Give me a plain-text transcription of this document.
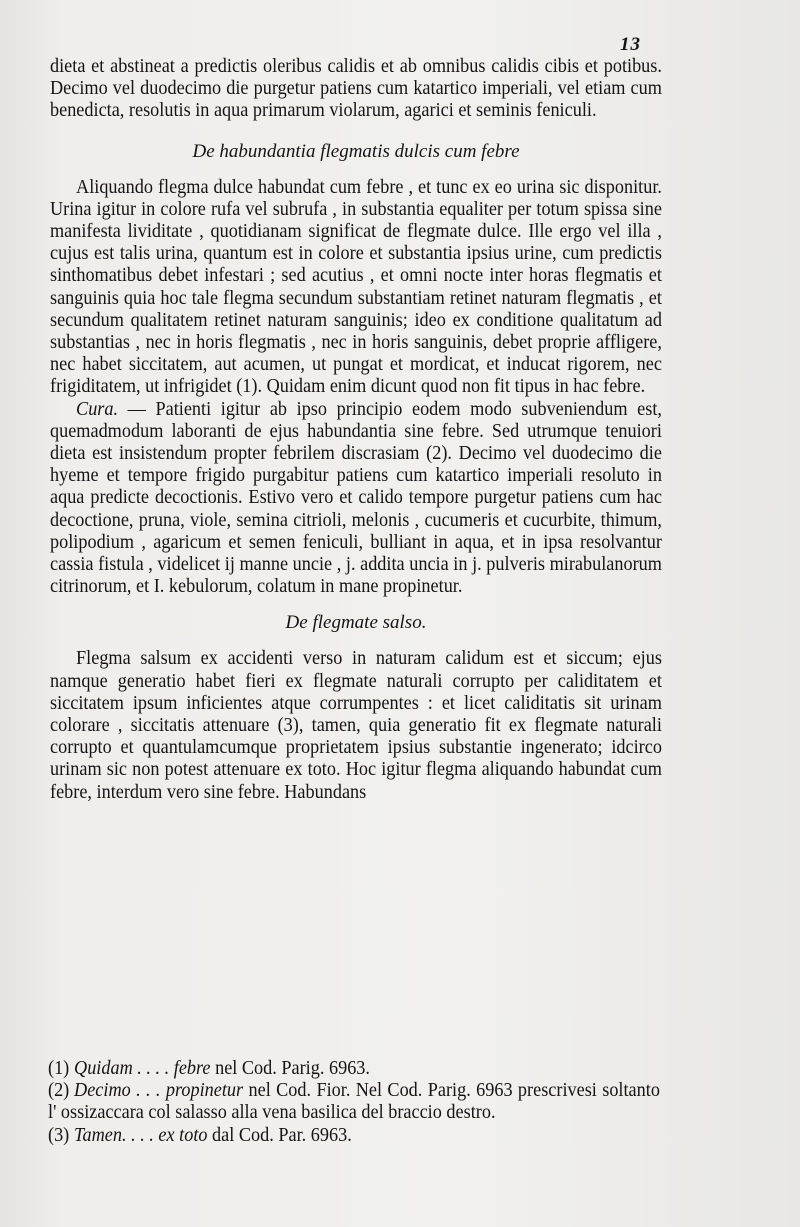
13

dieta et abstineat a predictis oleribus calidis et ab omnibus calidis cibis et potibus. Decimo vel duodecimo die purgetur patiens cum katartico imperiali, vel etiam cum benedicta, resolutis in aqua primarum violarum, agarici et seminis feniculi.

De habundantia flegmatis dulcis cum febre

Aliquando flegma dulce habundat cum febre , et tunc ex eo urina sic disponitur. Urina igitur in colore rufa vel subrufa , in substantia equaliter per totum spissa sine manifesta lividitate , quotidianam significat de flegmate dulce. Ille ergo vel illa , cujus est talis urina, quantum est in colore et substantia ipsius urine, cum predictis sinthomatibus debet infestari ; sed acutius , et omni nocte inter horas flegmatis et sanguinis quia hoc tale flegma secundum substantiam retinet naturam flegmatis , et secundum qualitatem retinet naturam sanguinis; ideo ex conditione qualitatum ad substantias , nec in horis flegmatis , nec in horis sanguinis, debet proprie affligere, nec habet siccitatem, aut acumen, ut pungat et mordicat, et inducat rigorem, nec frigiditatem, ut infrigidet (1). Quidam enim dicunt quod non fit tipus in hac febre.

Cura. — Patienti igitur ab ipso principio eodem modo subveniendum est, quemadmodum laboranti de ejus habundantia sine febre. Sed utrumque tenuiori dieta est insistendum propter febrilem discrasiam (2). Decimo vel duodecimo die hyeme et tempore frigido purgabitur patiens cum katartico imperiali resoluto in aqua predicte decoctionis. Estivo vero et calido tempore purgetur patiens cum hac decoctione, pruna, viole, semina citrioli, melonis , cucumeris et cucurbite, thimum, polipodium , agaricum et semen feniculi, bulliant in aqua, et in ipsa resolvantur cassia fistula , videlicet ij manne uncie , j. addita uncia in j. pulveris mirabulanorum citrinorum, et I. kebulorum, colatum in mane propinetur.

De flegmate salso.

Flegma salsum ex accidenti verso in naturam calidum est et siccum; ejus namque generatio habet fieri ex flegmate naturali corrupto per caliditatem et siccitatem ipsum inficientes atque corrumpentes : et licet caliditatis sit urinam colorare , siccitatis attenuare (3), tamen, quia generatio fit ex flegmate naturali corrupto et quantulamcumque proprietatem ipsius substantie ingenerato; idcirco urinam sic non potest attenuare ex toto. Hoc igitur flegma aliquando habundat cum febre, interdum vero sine febre. Habundans

(1) Quidam . . . . febre nel Cod. Parig. 6963.

(2) Decimo . . . propinetur nel Cod. Fior. Nel Cod. Parig. 6963 prescrivesi soltanto l' ossizaccara col salasso alla vena basilica del braccio destro.

(3) Tamen. . . . ex toto dal Cod. Par. 6963.
